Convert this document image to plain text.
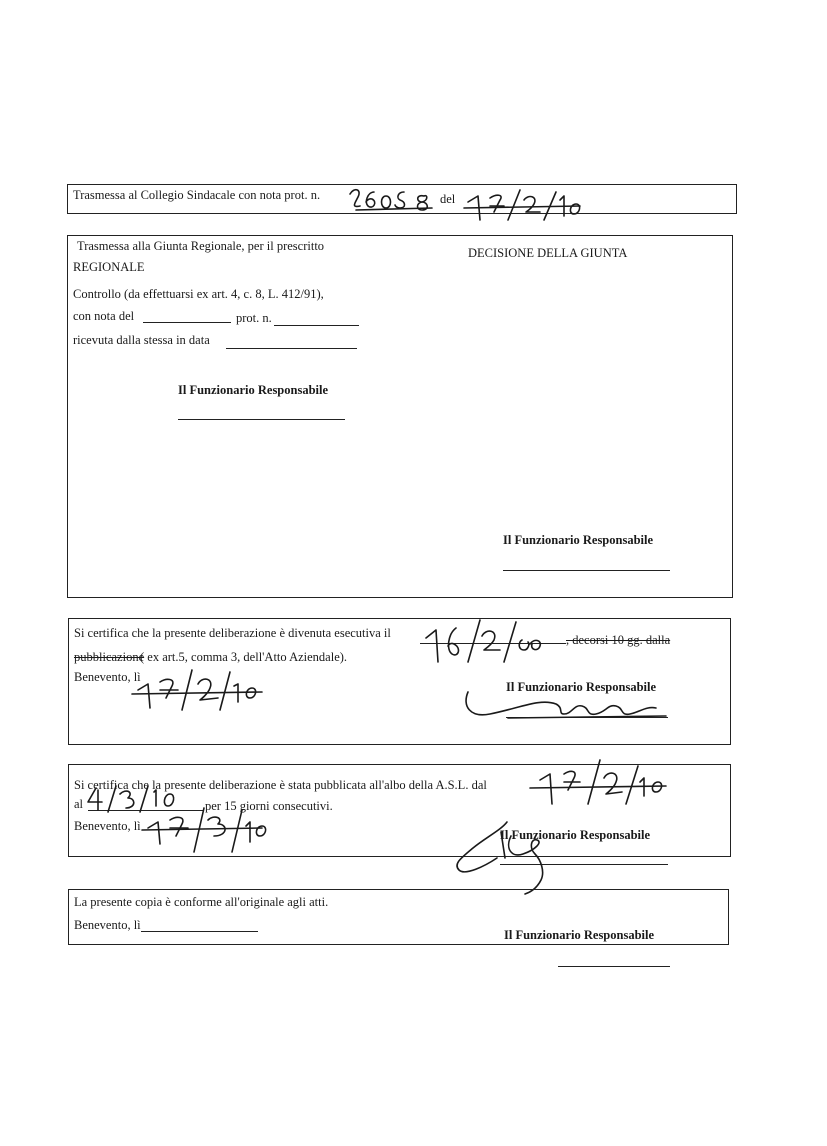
Trasmessa al Collegio Sindacale con nota prot. n.	del
Trasmessa alla Giunta Regionale, per il prescritto
REGIONALE
Controllo (da effettuarsi ex art. 4, c. 8, L. 412/91),
con nota del	prot. n.
ricevuta dalla stessa in data
DECISIONE DELLA GIUNTA
Il Funzionario Responsabile
Il Funzionario Responsabile
Si certifica che la presente deliberazione è divenuta esecutiva il	, decorsi 10 gg. dalla
pubblicazione
( ex art.5, comma 3, dell'Atto Aziendale).
Benevento, lì
Il Funzionario Responsabile
Si certifica che la presente deliberazione è stata pubblicata all'albo della A.S.L. dal
al	per 15 giorni consecutivi.
Benevento, lì
Il Funzionario Responsabile
La presente copia è conforme all'originale agli atti.
Benevento, lì
Il Funzionario Responsabile
